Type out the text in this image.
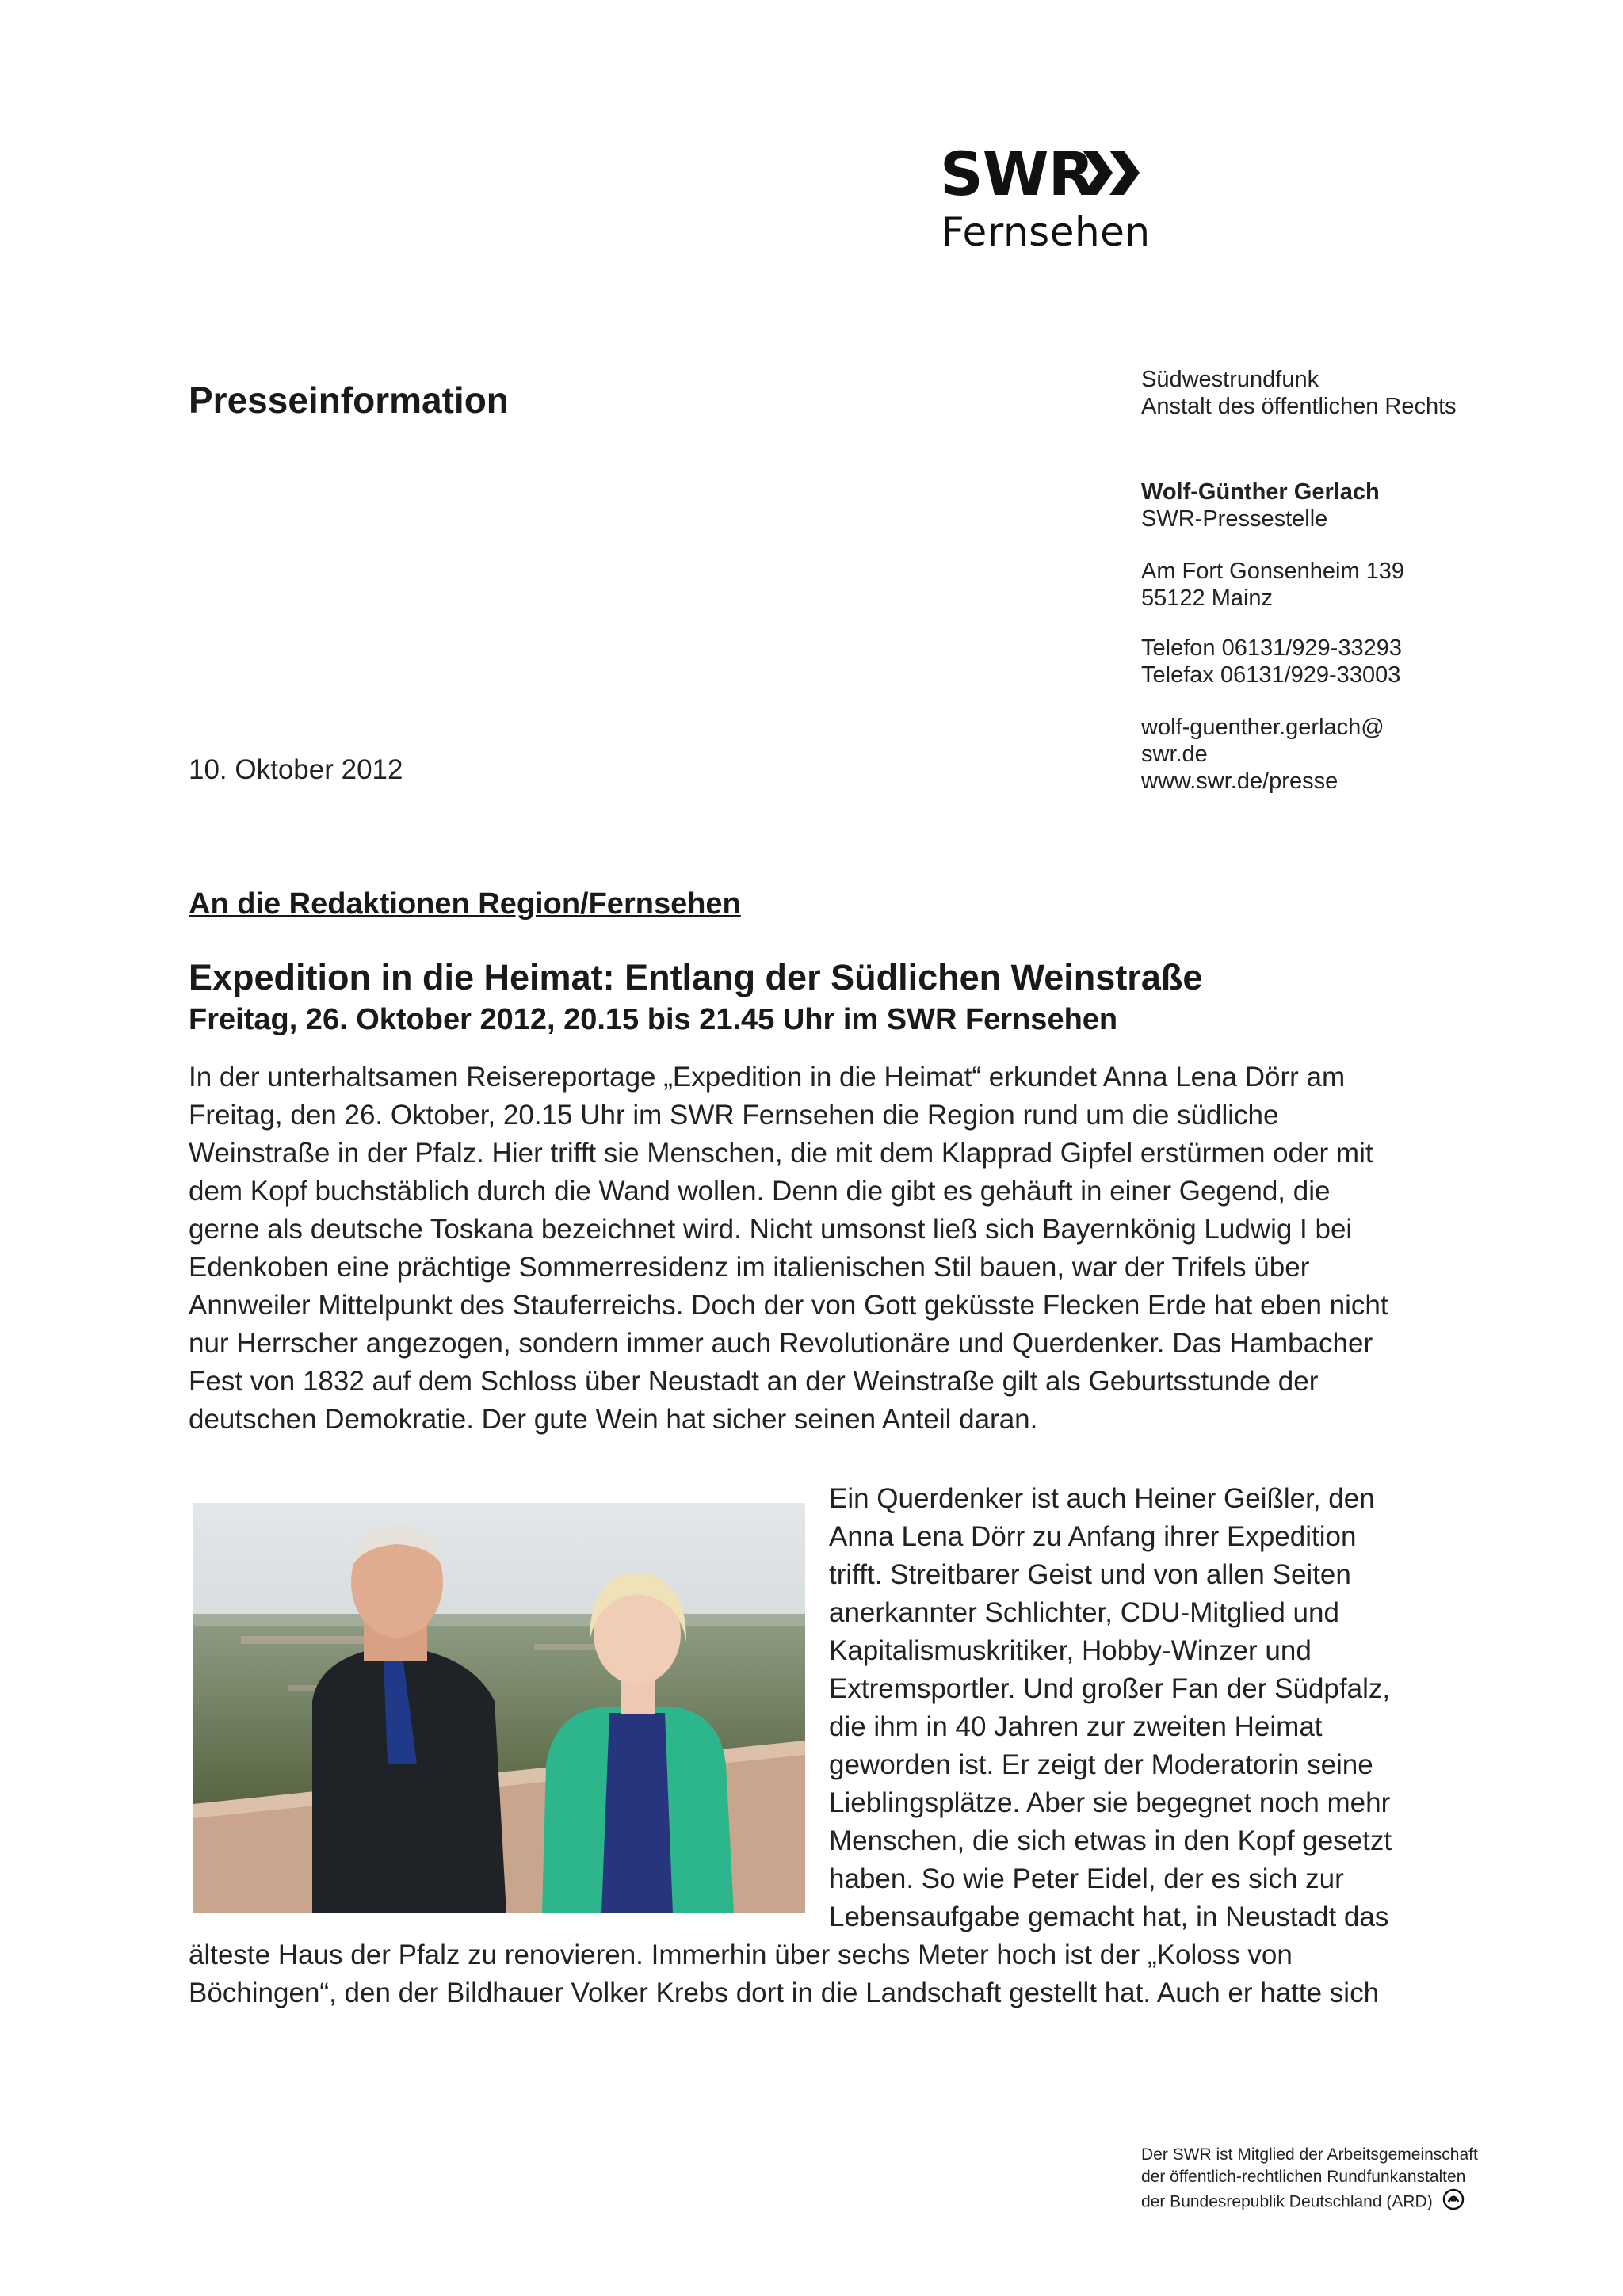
SWR
Fernsehen
Presseinformation
10. Oktober 2012

Südwestrundfunk

Anstalt des öffentlichen Rechts

Wolf-Günther Gerlach

SWR-Pressestelle

Am Fort Gonsenheim 139

55122 Mainz

Telefon 06131/929-33293

Telefax 06131/929-33003

wolf-guenther.gerlach@

swr.de

www.swr.de/presse

An die Redaktionen Region/Fernsehen
Expedition in die Heimat: Entlang der Südlichen Weinstraße
Freitag, 26. Oktober 2012, 20.15 bis 21.45 Uhr im SWR Fernsehen
In der unterhaltsamen Reisereportage „Expedition in die Heimat“ erkundet Anna Lena Dörr am
Freitag, den 26. Oktober, 20.15 Uhr im SWR Fernsehen die Region rund um die südliche
Weinstraße in der Pfalz. Hier trifft sie Menschen, die mit dem Klapprad Gipfel erstürmen oder mit
dem Kopf buchstäblich durch die Wand wollen. Denn die gibt es gehäuft in einer Gegend, die
gerne als deutsche Toskana bezeichnet wird. Nicht umsonst ließ sich Bayernkönig Ludwig I bei
Edenkoben eine prächtige Sommerresidenz im italienischen Stil bauen, war der Trifels über
Annweiler Mittelpunkt des Stauferreichs. Doch der von Gott geküsste Flecken Erde hat eben nicht
nur Herrscher angezogen, sondern immer auch Revolutionäre und Querdenker. Das Hambacher
Fest von 1832 auf dem Schloss über Neustadt an der Weinstraße gilt als Geburtsstunde der
deutschen Demokratie. Der gute Wein hat sicher seinen Anteil daran.
Ein Querdenker ist auch Heiner Geißler, den
Anna Lena Dörr zu Anfang ihrer Expedition
trifft. Streitbarer Geist und von allen Seiten
anerkannter Schlichter, CDU-Mitglied und
Kapitalismuskritiker, Hobby-Winzer und
Extremsportler. Und großer Fan der Südpfalz,
die ihm in 40 Jahren zur zweiten Heimat
geworden ist. Er zeigt der Moderatorin seine
Lieblingsplätze. Aber sie begegnet noch mehr
Menschen, die sich etwas in den Kopf gesetzt
haben. So wie Peter Eidel, der es sich zur
Lebensaufgabe gemacht hat, in Neustadt das
älteste Haus der Pfalz zu renovieren. Immerhin über sechs Meter hoch ist der „Koloss von
Böchingen“, den der Bildhauer Volker Krebs dort in die Landschaft gestellt hat. Auch er hatte sich

Der SWR ist Mitglied der Arbeitsgemeinschaft

der öffentlich-rechtlichen Rundfunkanstalten

der Bundesrepublik Deutschland (ARD)
